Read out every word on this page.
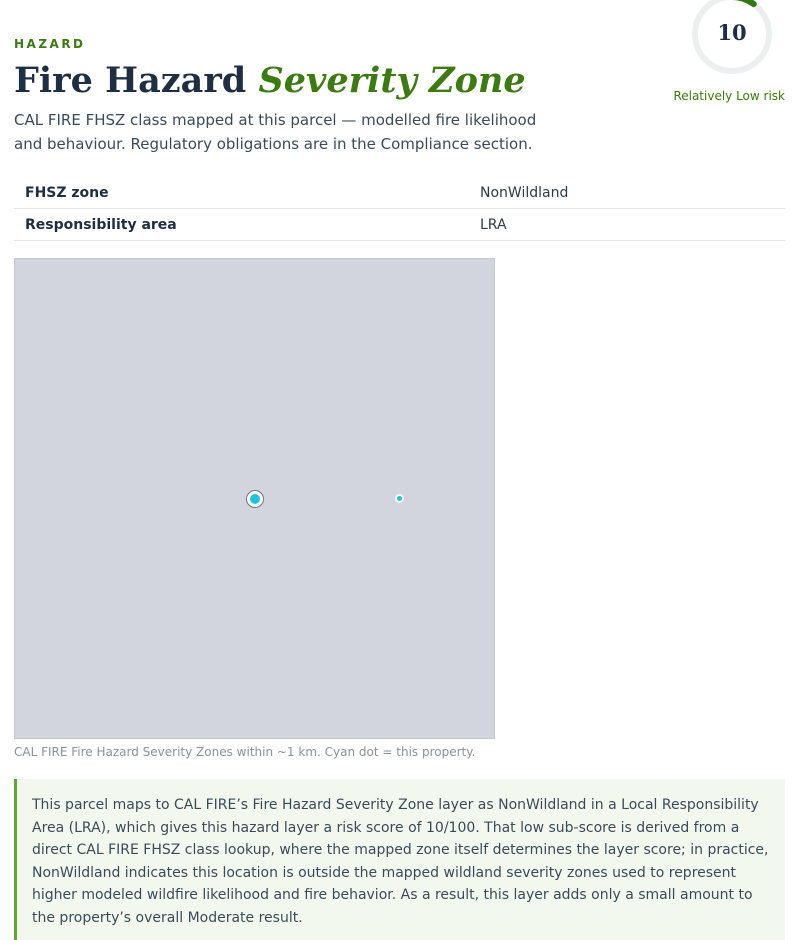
HAZARD
Fire Hazard Severity Zone

CAL FIRE FHSZ class mapped at this parcel — modelled fire likelihood and behaviour. Regulatory obligations are in the Compliance section.

10
Relatively Low risk
FHSZ zone	NonWildland
Responsibility area	LRA
CAL FIRE Fire Hazard Severity Zones within ~1 km. Cyan dot = this property.
This parcel maps to CAL FIRE’s Fire Hazard Severity Zone layer as NonWildland in a Local Responsibility Area (LRA), which gives this hazard layer a risk score of 10/100. That low sub-score is derived from a direct CAL FIRE FHSZ class lookup, where the mapped zone itself determines the layer score; in practice, NonWildland indicates this location is outside the mapped wildland severity zones used to represent higher modeled wildfire likelihood and fire behavior. As a result, this layer adds only a small amount to the property’s overall Moderate result.
